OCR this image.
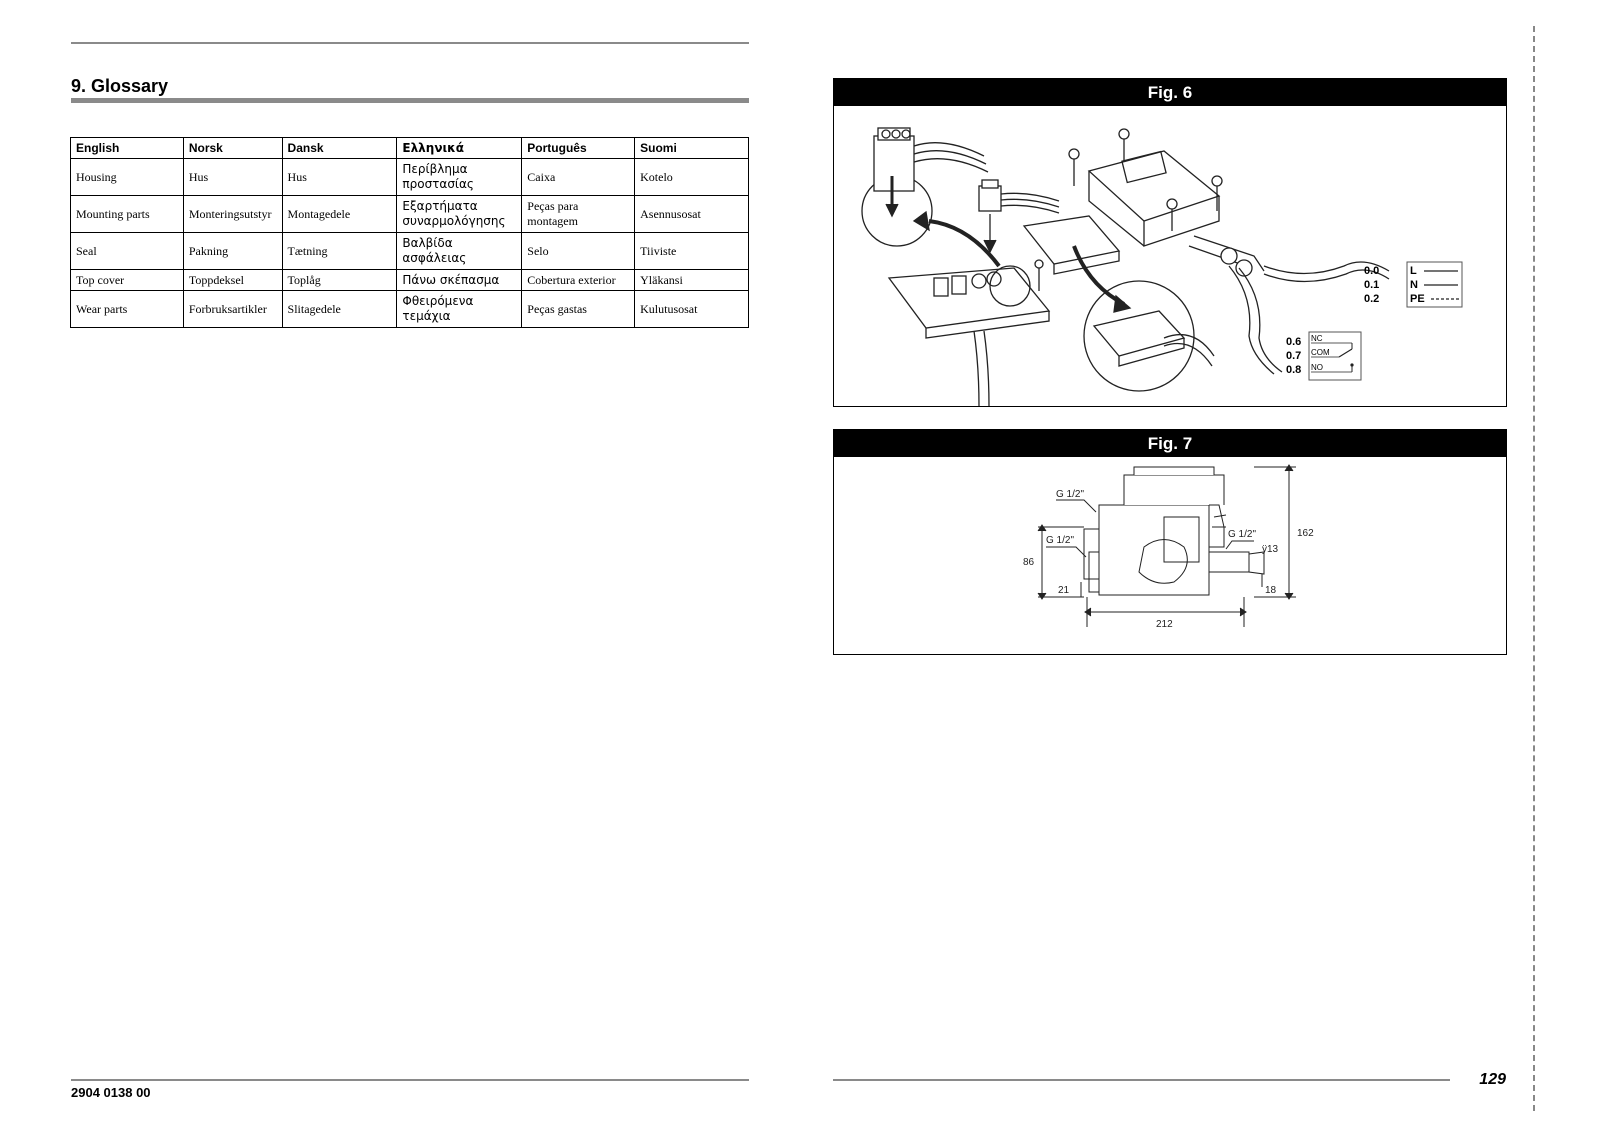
9. Glossary
English	Norsk	Dansk	Ελληνικά	Português	Suomi
Housing	Hus	Hus	Περίβλημα προστασίας	Caixa	Kotelo
Mounting parts	Monteringsutstyr	Montagedele	Εξαρτήματα συναρμολόγησης	Peças para montagem	Asennusosat
Seal	Pakning	Tætning	Βαλβίδα ασφάλειας	Selo	Tiiviste
Top cover	Toppdeksel	Toplåg	Πάνω σκέπασμα	Cobertura exterior	Yläkansi
Wear parts	Forbruksartikler	Slitagedele	Φθειρόμενα τεμάχια	Peças gastas	Kulutusosat
Fig. 6
0.0
0.1
0.2
L
N
PE
0.6
0.7
0.8
NC
COM
NO
Fig. 7
G 1/2"
G 1/2"
G 1/2"
ÿ13
162
86
21	18
212
2904 0138 00
129
